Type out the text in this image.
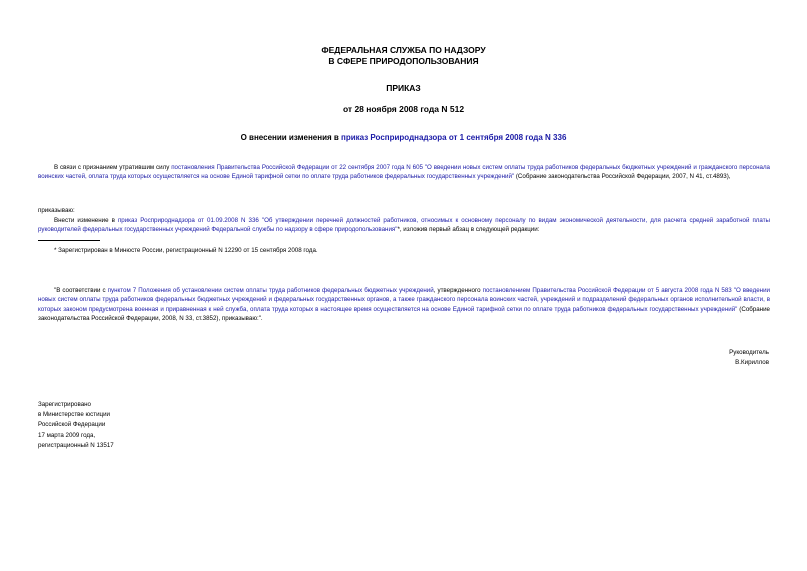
ФЕДЕРАЛЬНАЯ СЛУЖБА ПО НАДЗОРУ
В СФЕРЕ ПРИРОДОПОЛЬЗОВАНИЯ
ПРИКАЗ
от 28 ноября 2008 года N 512
О внесении изменения в приказ Росприроднадзора от 1 сентября 2008 года N 336
В связи с признанием утратившим силу постановления Правительства Российской Федерации от 22 сентября 2007 года N 605 "О введении новых систем оплаты труда работников федеральных бюджетных учреждений и гражданского персонала воинских частей, оплата труда которых осуществляется на основе Единой тарифной сетки по оплате труда работников федеральных государственных учреждений" (Собрание законодательства Российской Федерации, 2007, N 41, ст.4893),
приказываю:
Внести изменение в приказ Росприроднадзора от 01.09.2008 N 336 "Об утверждении перечней должностей работников, относимых к основному персоналу по видам экономической деятельности, для расчета средней заработной платы руководителей федеральных государственных учреждений Федеральной службы по надзору в сфере природопользования"*, изложив первый абзац в следующей редакции:
* Зарегистрирован в Минюсте России, регистрационный N 12290 от 15 сентября 2008 года.
"В соответствии с пунктом 7 Положения об установлении систем оплаты труда работников федеральных бюджетных учреждений, утвержденного постановлением Правительства Российской Федерации от 5 августа 2008 года N 583 "О введении новых систем оплаты труда работников федеральных бюджетных учреждений и федеральных государственных органов, а также гражданского персонала воинских частей, учреждений и подразделений федеральных органов исполнительной власти, в которых законом предусмотрена военная и приравненная к ней служба, оплата труда которых в настоящее время осуществляется на основе Единой тарифной сетки по оплате труда работников федеральных государственных учреждений" (Собрание законодательства Российской Федерации, 2008, N 33, ст.3852), приказываю:".
Руководитель
В.Кириллов
Зарегистрировано
в Министерстве юстиции
Российской Федерации
17 марта 2009 года,
регистрационный N 13517
